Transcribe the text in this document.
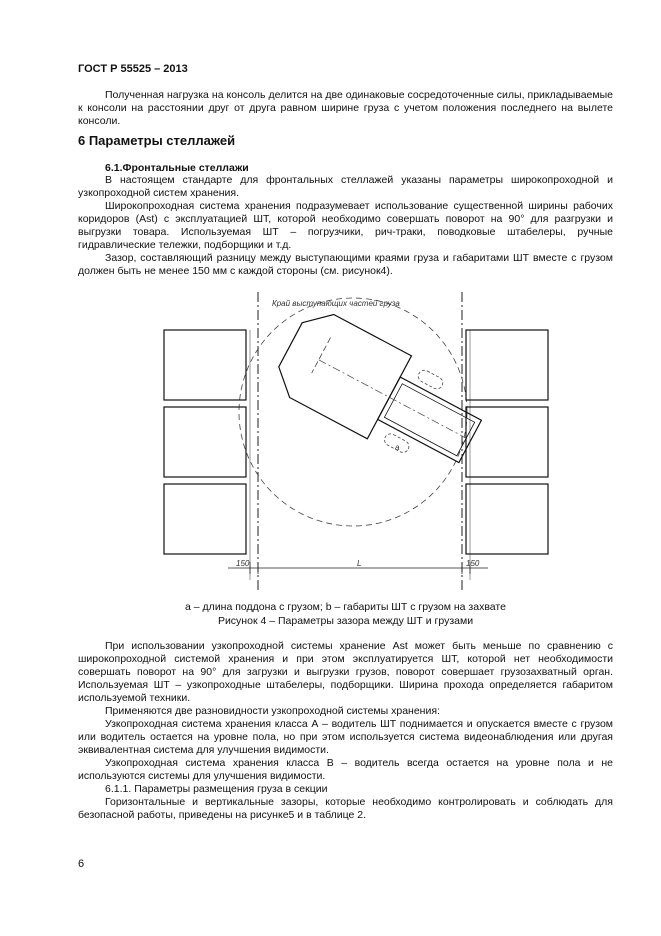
ГОСТ Р 55525 – 2013

Полученная нагрузка на консоль делится на две одинаковые сосредоточенные силы, прикладываемые к консоли на расстоянии друг от друга равном ширине груза с учетом положения последнего на вылете консоли.

6 Параметры стеллажей
6.1.Фронтальные стеллажи

В настоящем стандарте для фронтальных стеллажей указаны параметры широкопроходной и узкопроходной систем хранения.

Широкопроходная система хранения подразумевает использование существенной ширины рабочих коридоров (Ast) с эксплуатацией ШТ, которой необходимо совершать поворот на 90° для разгрузки и выгрузки товара. Используемая ШТ – погрузчики, рич-траки, поводковые штабелеры, ручные гидравлические тележки, подборщики и т.д.

Зазор, составляющий разницу между выступающими краями груза и габаритами ШТ вместе с грузом должен быть не менее 150 мм с каждой стороны (см. рисунок4).

Край выступающих частей груза
150	L	150
a
а – длина поддона с грузом; b – габариты ШТ с грузом на захвате
Рисунок 4 – Параметры зазора между ШТ и грузами

При использовании узкопроходной системы хранение Ast может быть меньше по сравнению с широкопроходной системой хранения и при этом эксплуатируется ШТ, которой нет необходимости совершать поворот на 90° для загрузки и выгрузки грузов, поворот совершает грузозахватный орган. Используемая ШТ – узкопроходные штабелеры, подборщики. Ширина прохода определяется габаритом используемой техники.

Применяются две разновидности узкопроходной системы хранения:

Узкопроходная система хранения класса А – водитель ШТ поднимается и опускается вместе с грузом или водитель остается на уровне пола, но при этом используется система видеонаблюдения или другая эквивалентная система для улучшения видимости.

Узкопроходная система хранения класса В – водитель всегда остается на уровне пола и не используются системы для улучшения видимости.

6.1.1. Параметры размещения груза в секции

Горизонтальные и вертикальные зазоры, которые необходимо контролировать и соблюдать для безопасной работы, приведены на рисунке5 и в таблице 2.

6
